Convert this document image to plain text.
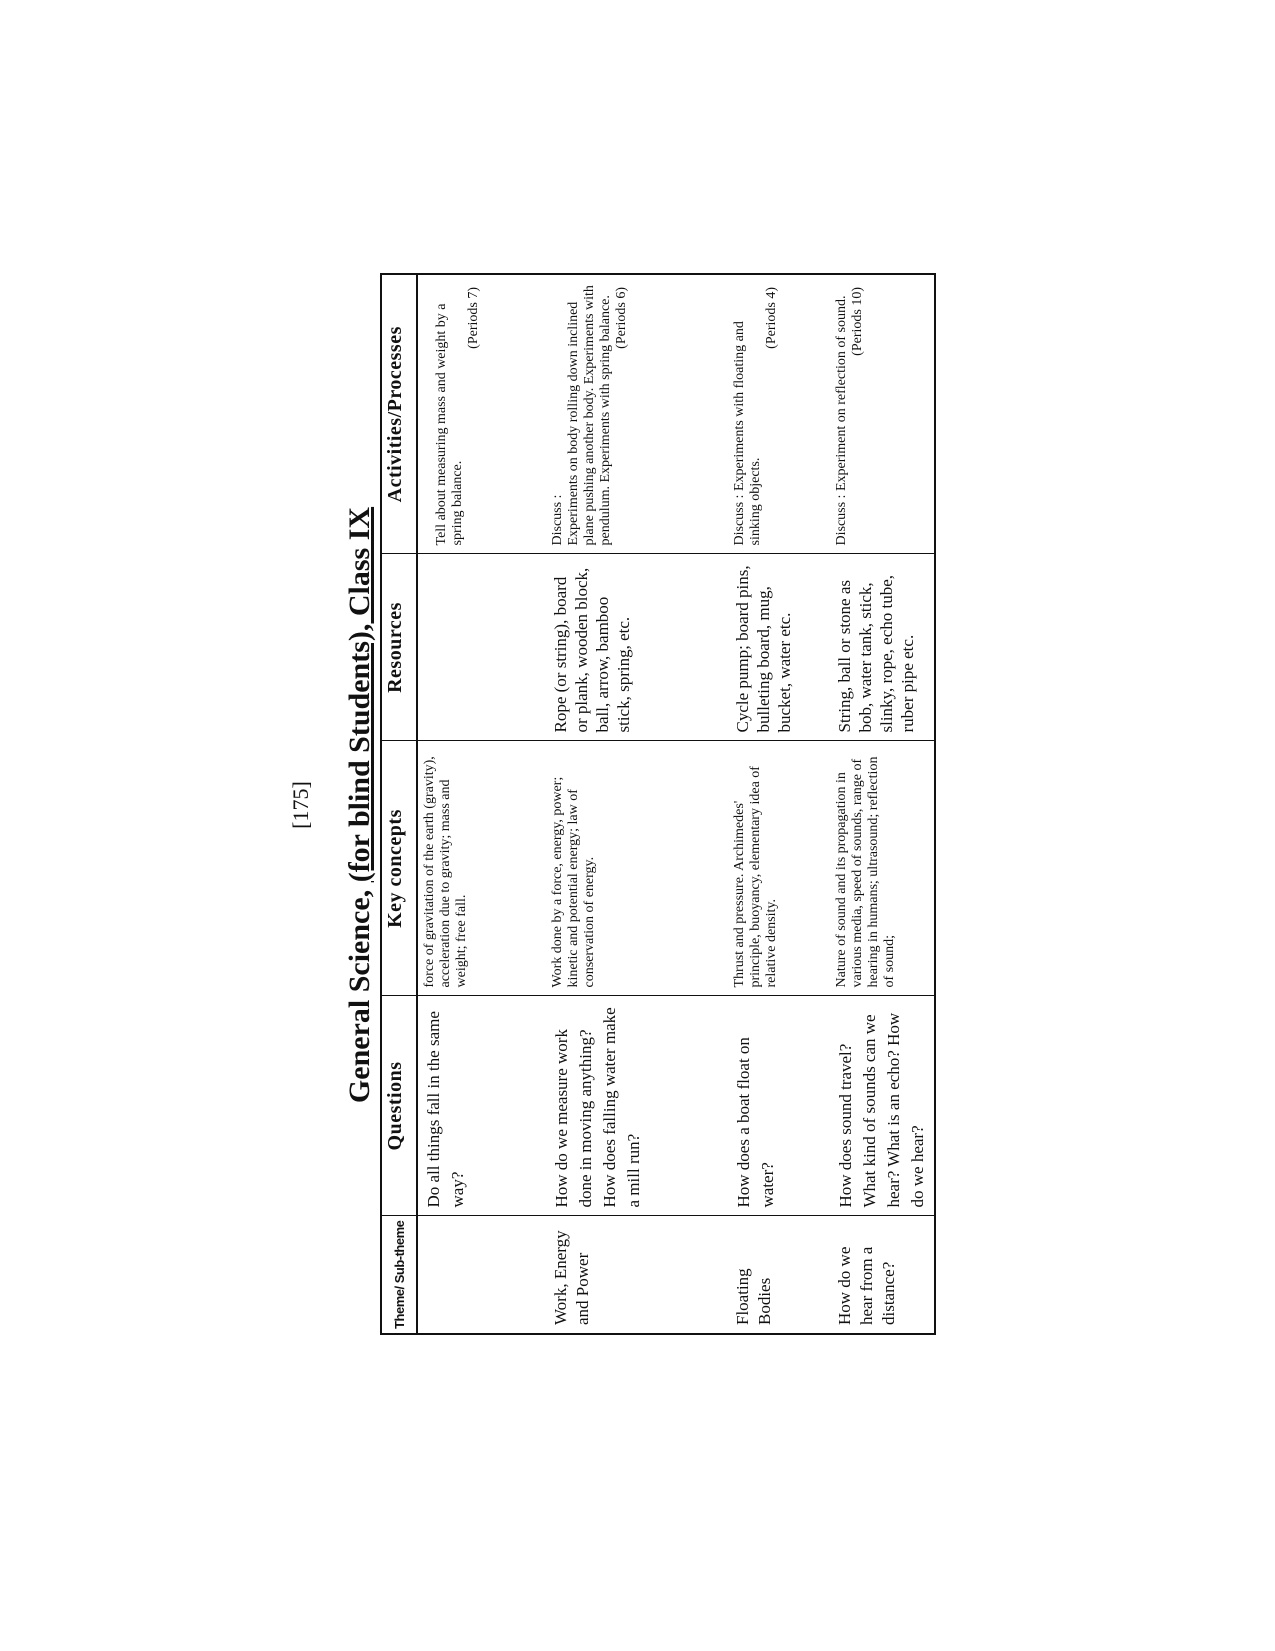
[175]
General Science, (for blind Students), Class IX
Theme/ Sub-theme	Questions	Key concepts	Resources	Activities/Processes
	Do all things fall in the same way?	force of gravitation of the earth (gravity), acceleration due to gravity; mass and weight; free fall.		Tell about measuring mass and weight by a spring balance.
(Periods 7)

Work, Energy and Power	How do we measure work done in moving anything? How does falling water make a mill run?	Work done by a force, energy, power; kinetic and potential energy; law of conservation of energy.	Rope (or string), board or plank, wooden block, ball, arrow, bamboo stick, spring, etc.	Discuss : Experiments on body rolling down inclined plane pushing another body. Experiments with pendulum. Experiments with spring balance. (Periods 6)

Floating Bodies	How does a boat float on water?	Thrust and pressure. Archimedes' principle, buoyancy, elementary idea of relative density.	Cycle pump; board pins, bulleting board, mug, bucket, water etc.	Discuss : Experiments with floating and sinking objects.
(Periods 4)

How do we hear from a distance?	How does sound travel? What kind of sounds can we hear? What is an echo? How do we hear?	Nature of sound and its propagation in various media, speed of sounds, range of hearing in humans; ultrasound; reflection of sound;	String, ball or stone as bob, water tank, stick, slinky, rope, echo tube, ruber pipe etc.	Discuss : Experiment on reflection of sound. (Periods 10)
